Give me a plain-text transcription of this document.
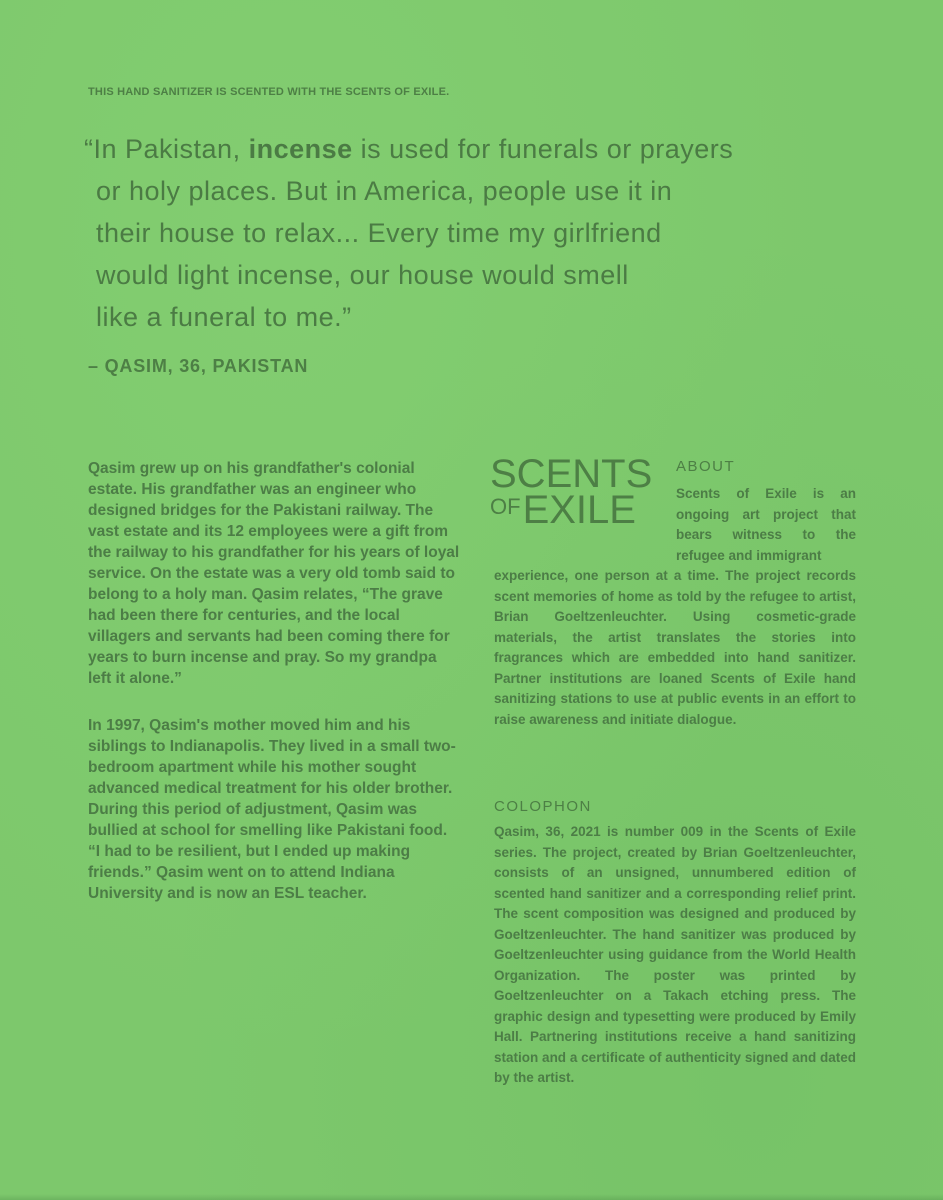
THIS HAND SANITIZER IS SCENTED WITH THE SCENTS OF EXILE.
“In Pakistan, incense is used for funerals or prayers
or holy places. But in America, people use it in
their house to relax... Every time my girlfriend
would light incense, our house would smell
like a funeral to me.”
– QASIM, 36, PAKISTAN

Qasim grew up on his grandfather's colonial estate. His grandfather was an engineer who designed bridges for the Pakistani railway. The vast estate and its 12 employees were a gift from the railway to his grandfather for his years of loyal service. On the estate was a very old tomb said to belong to a holy man. Qasim relates, “The grave had been there for centuries, and the local villagers and servants had been coming there for years to burn incense and pray. So my grandpa left it alone.”

In 1997, Qasim's mother moved him and his siblings to Indianapolis. They lived in a small two-bedroom apartment while his mother sought advanced medical treatment for his older brother. During this period of adjustment, Qasim was bullied at school for smelling like Pakistani food. “I had to be resilient, but I ended up making friends.” Qasim went on to attend Indiana University and is now an ESL teacher.

SCENTS
OF EXILE
ABOUT
Scents of Exile is an ongoing art project that bears witness to the refugee and immigrant
experience, one person at a time. The project records scent memories of home as told by the refugee to artist, Brian Goeltzenleuchter. Using cosmetic-grade materials, the artist translates the stories into fragrances which are embedded into hand sanitizer. Partner institutions are loaned Scents of Exile hand sanitizing stations to use at public events in an effort to raise awareness and initiate dialogue.
COLOPHON
Qasim, 36, 2021 is number 009 in the Scents of Exile series. The project, created by Brian Goeltzenleuchter, consists of an unsigned, unnumbered edition of scented hand sanitizer and a corresponding relief print. The scent composition was designed and produced by Goeltzenleuchter. The hand sanitizer was produced by Goeltzenleuchter using guidance from the World Health Organization. The poster was printed by Goeltzenleuchter on a Takach etching press. The graphic design and typesetting were produced by Emily Hall. Partnering institutions receive a hand sanitizing station and a certificate of authenticity signed and dated by the artist.
